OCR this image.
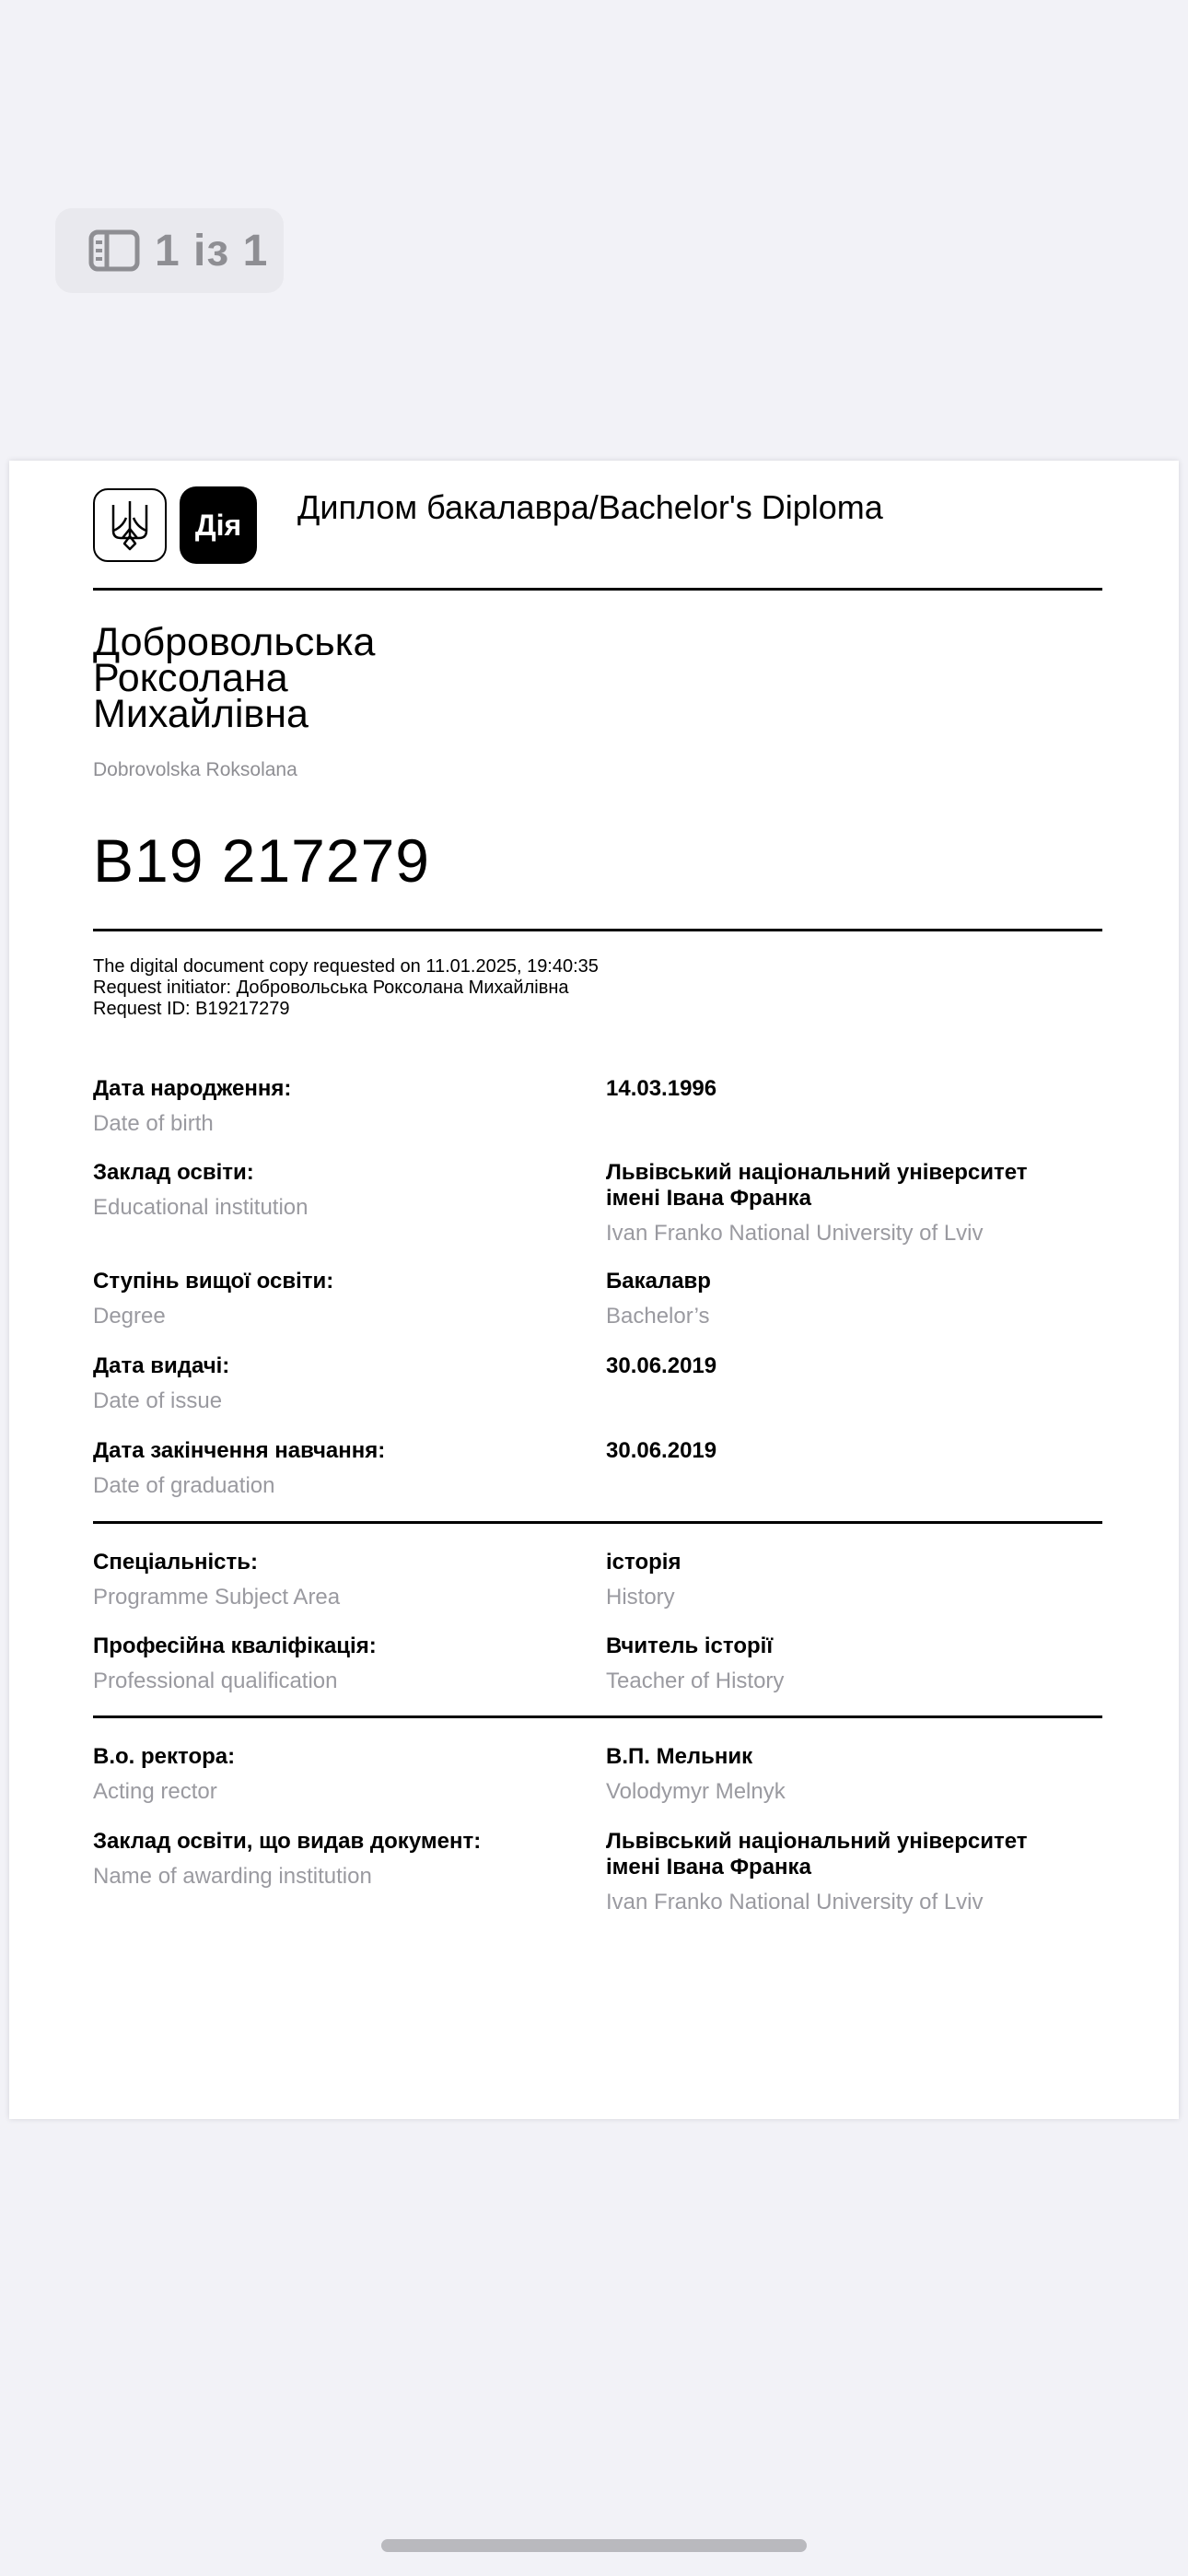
1 із 1
Дія	Диплом бакалавра/Bachelor's Diploma
Добровольська
Роксолана
Михайлівна
Dobrovolska Roksolana
B19 217279
The digital document copy requested on 11.01.2025, 19:40:35
Request initiator: Добровольська Роксолана Михайлівна
Request ID: B19217279
Дата народження:
Date of birth
14.03.1996
Заклад освіти:
Educational institution
Львівський національний університет
імені Івана Франка
Ivan Franko National University of Lviv
Ступінь вищої освіти:
Degree
Бакалавр
Bachelor’s
Дата видачі:
Date of issue
30.06.2019
Дата закінчення навчання:
Date of graduation
30.06.2019
Спеціальність:
Programme Subject Area
історія
History
Професійна кваліфікація:
Professional qualification
Вчитель історії
Teacher of History
В.о. ректора:
Acting rector
В.П. Мельник
Volodymyr Melnyk
Заклад освіти, що видав документ:
Name of awarding institution
Львівський національний університет
імені Івана Франка
Ivan Franko National University of Lviv
